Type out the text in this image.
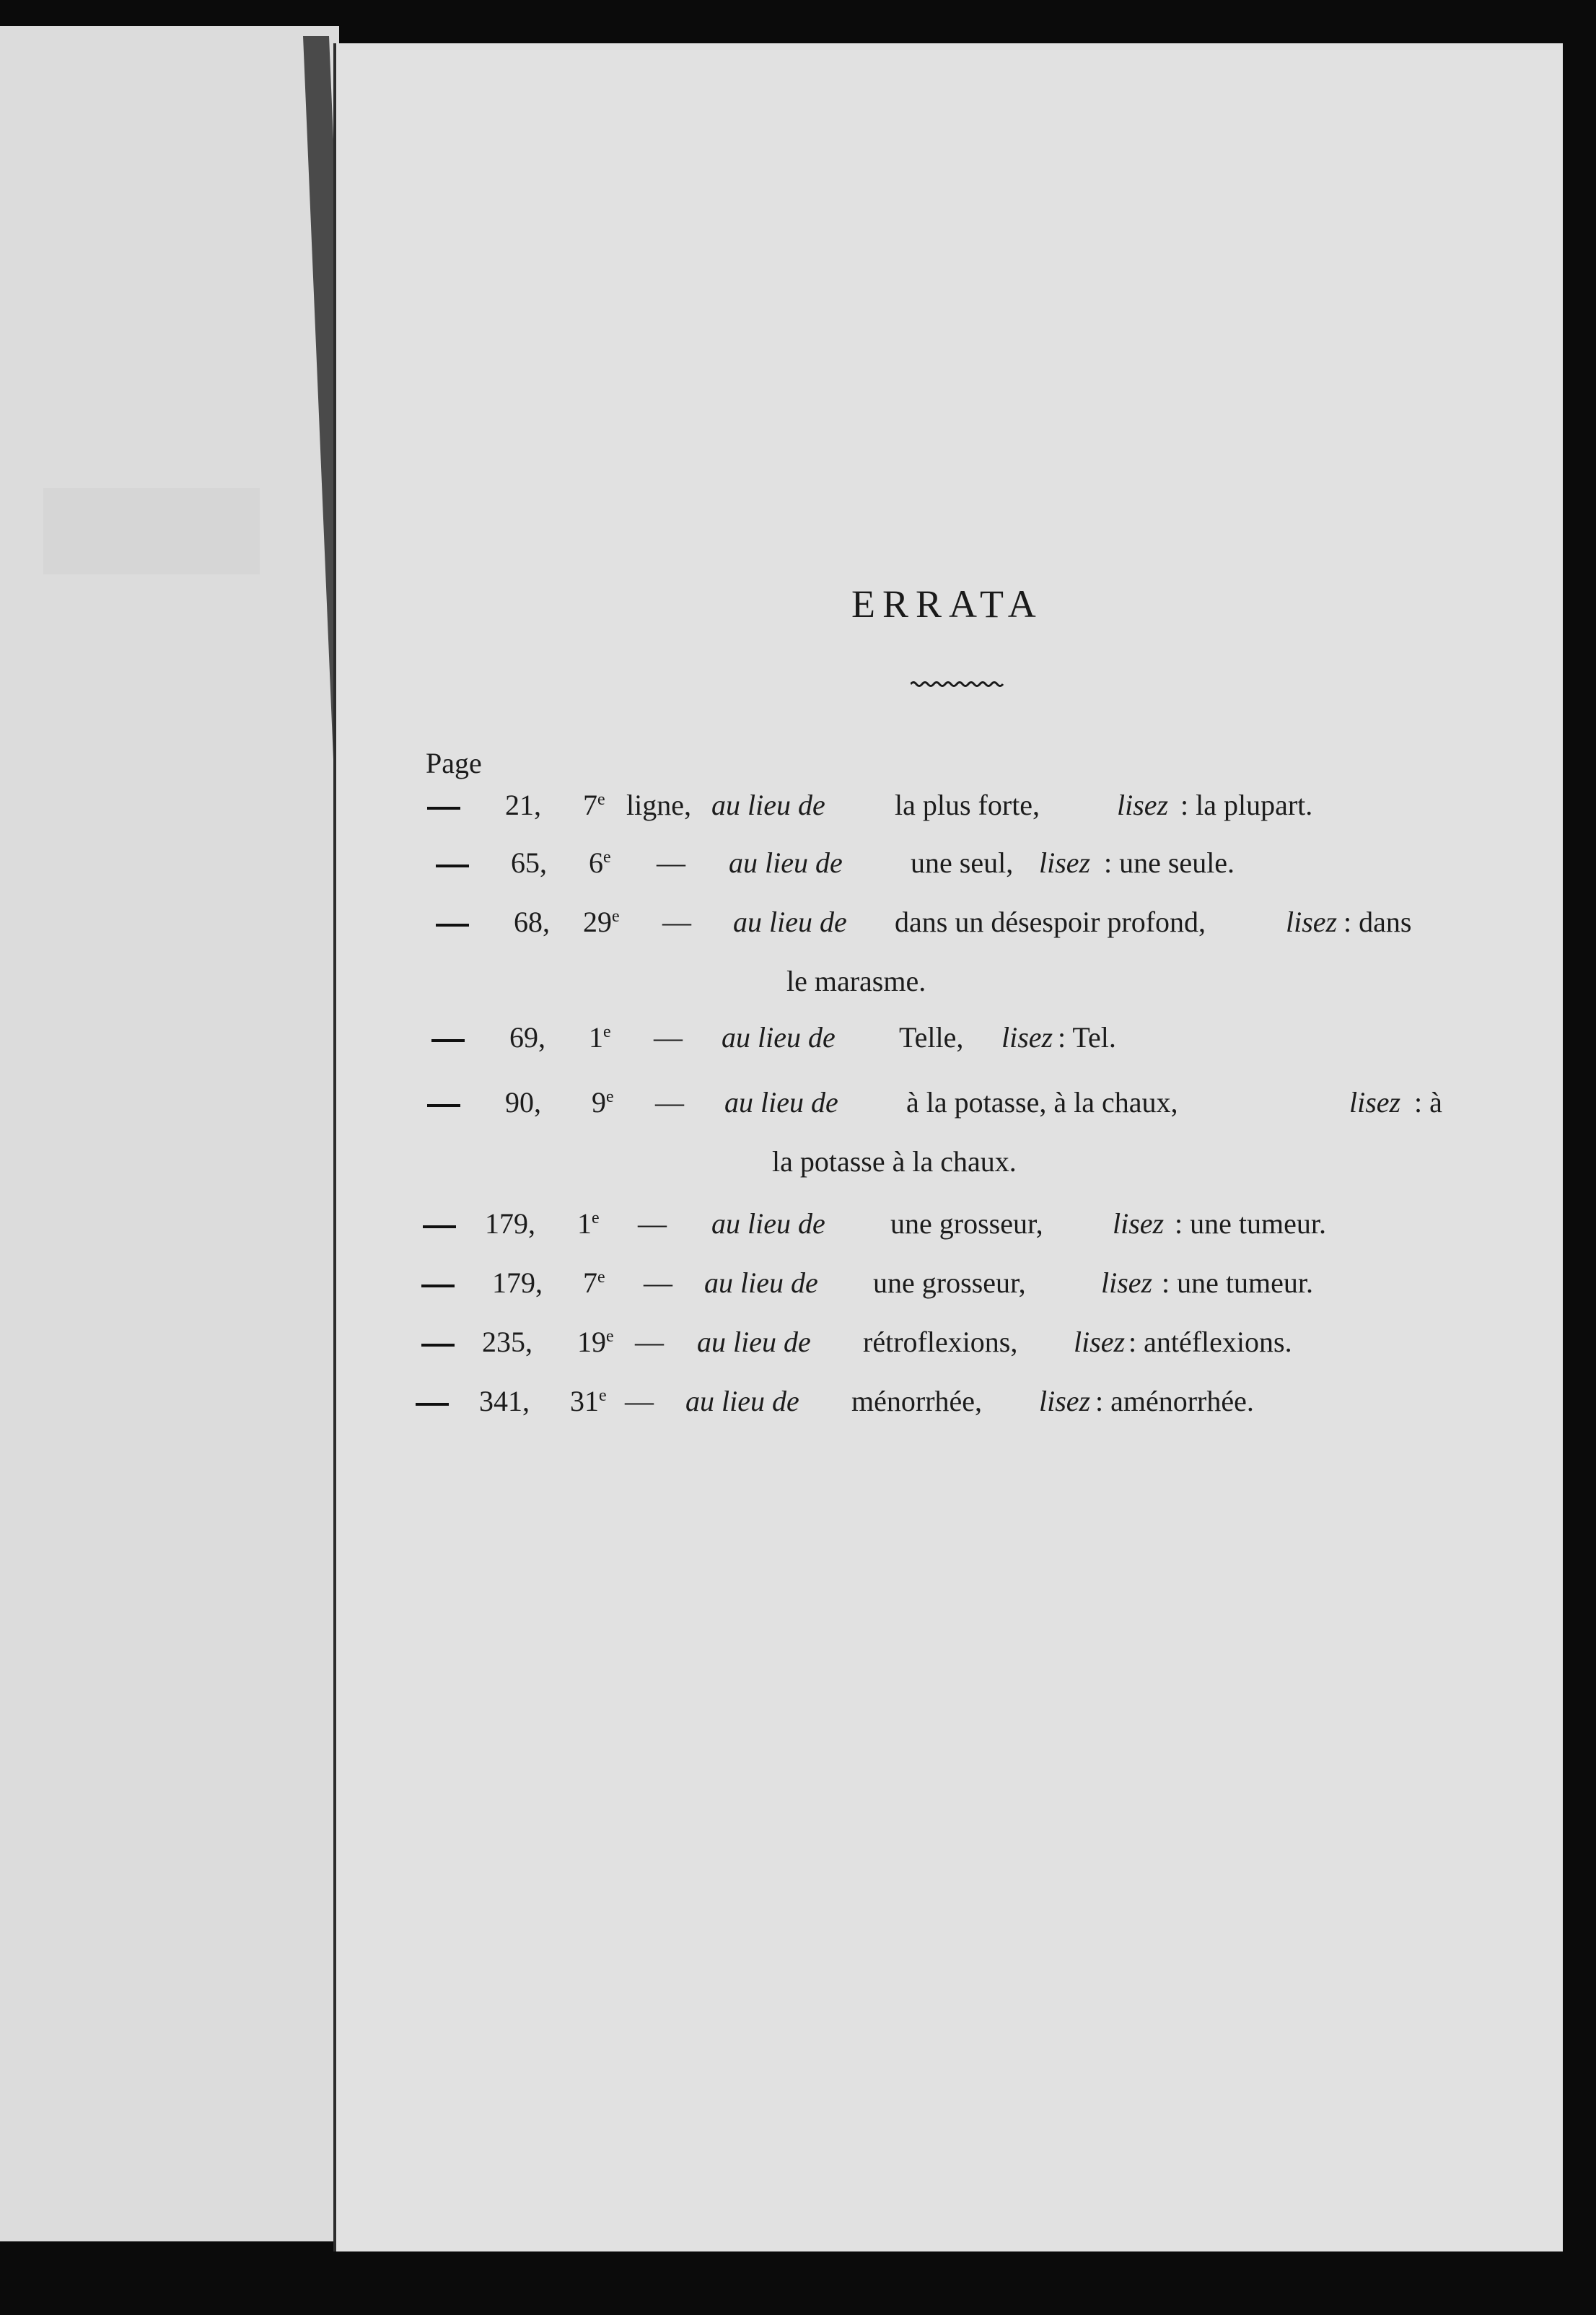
ERRATA
Page
21, 7e ligne, au lieu de la plus forte,	lisez : la plupart.
65, 6e — au lieu de une seul, lisez : une seule.
68, 29e — au lieu de dans un désespoir profond,	lisez : dans
le marasme.
69, 1e — au lieu de Telle, lisez : Tel.
90, 9e — au lieu de à la potasse, à la chaux,	lisez : à
la potasse à la chaux.
179, 1e — au lieu de une grosseur, lisez : une tumeur.
179, 7e — au lieu de une grosseur,	lisez : une tumeur.
235, 19e — au lieu de rétroflexions, lisez : antéflexions.
341, 31e — au lieu de ménorrhée, lisez : aménorrhée.
